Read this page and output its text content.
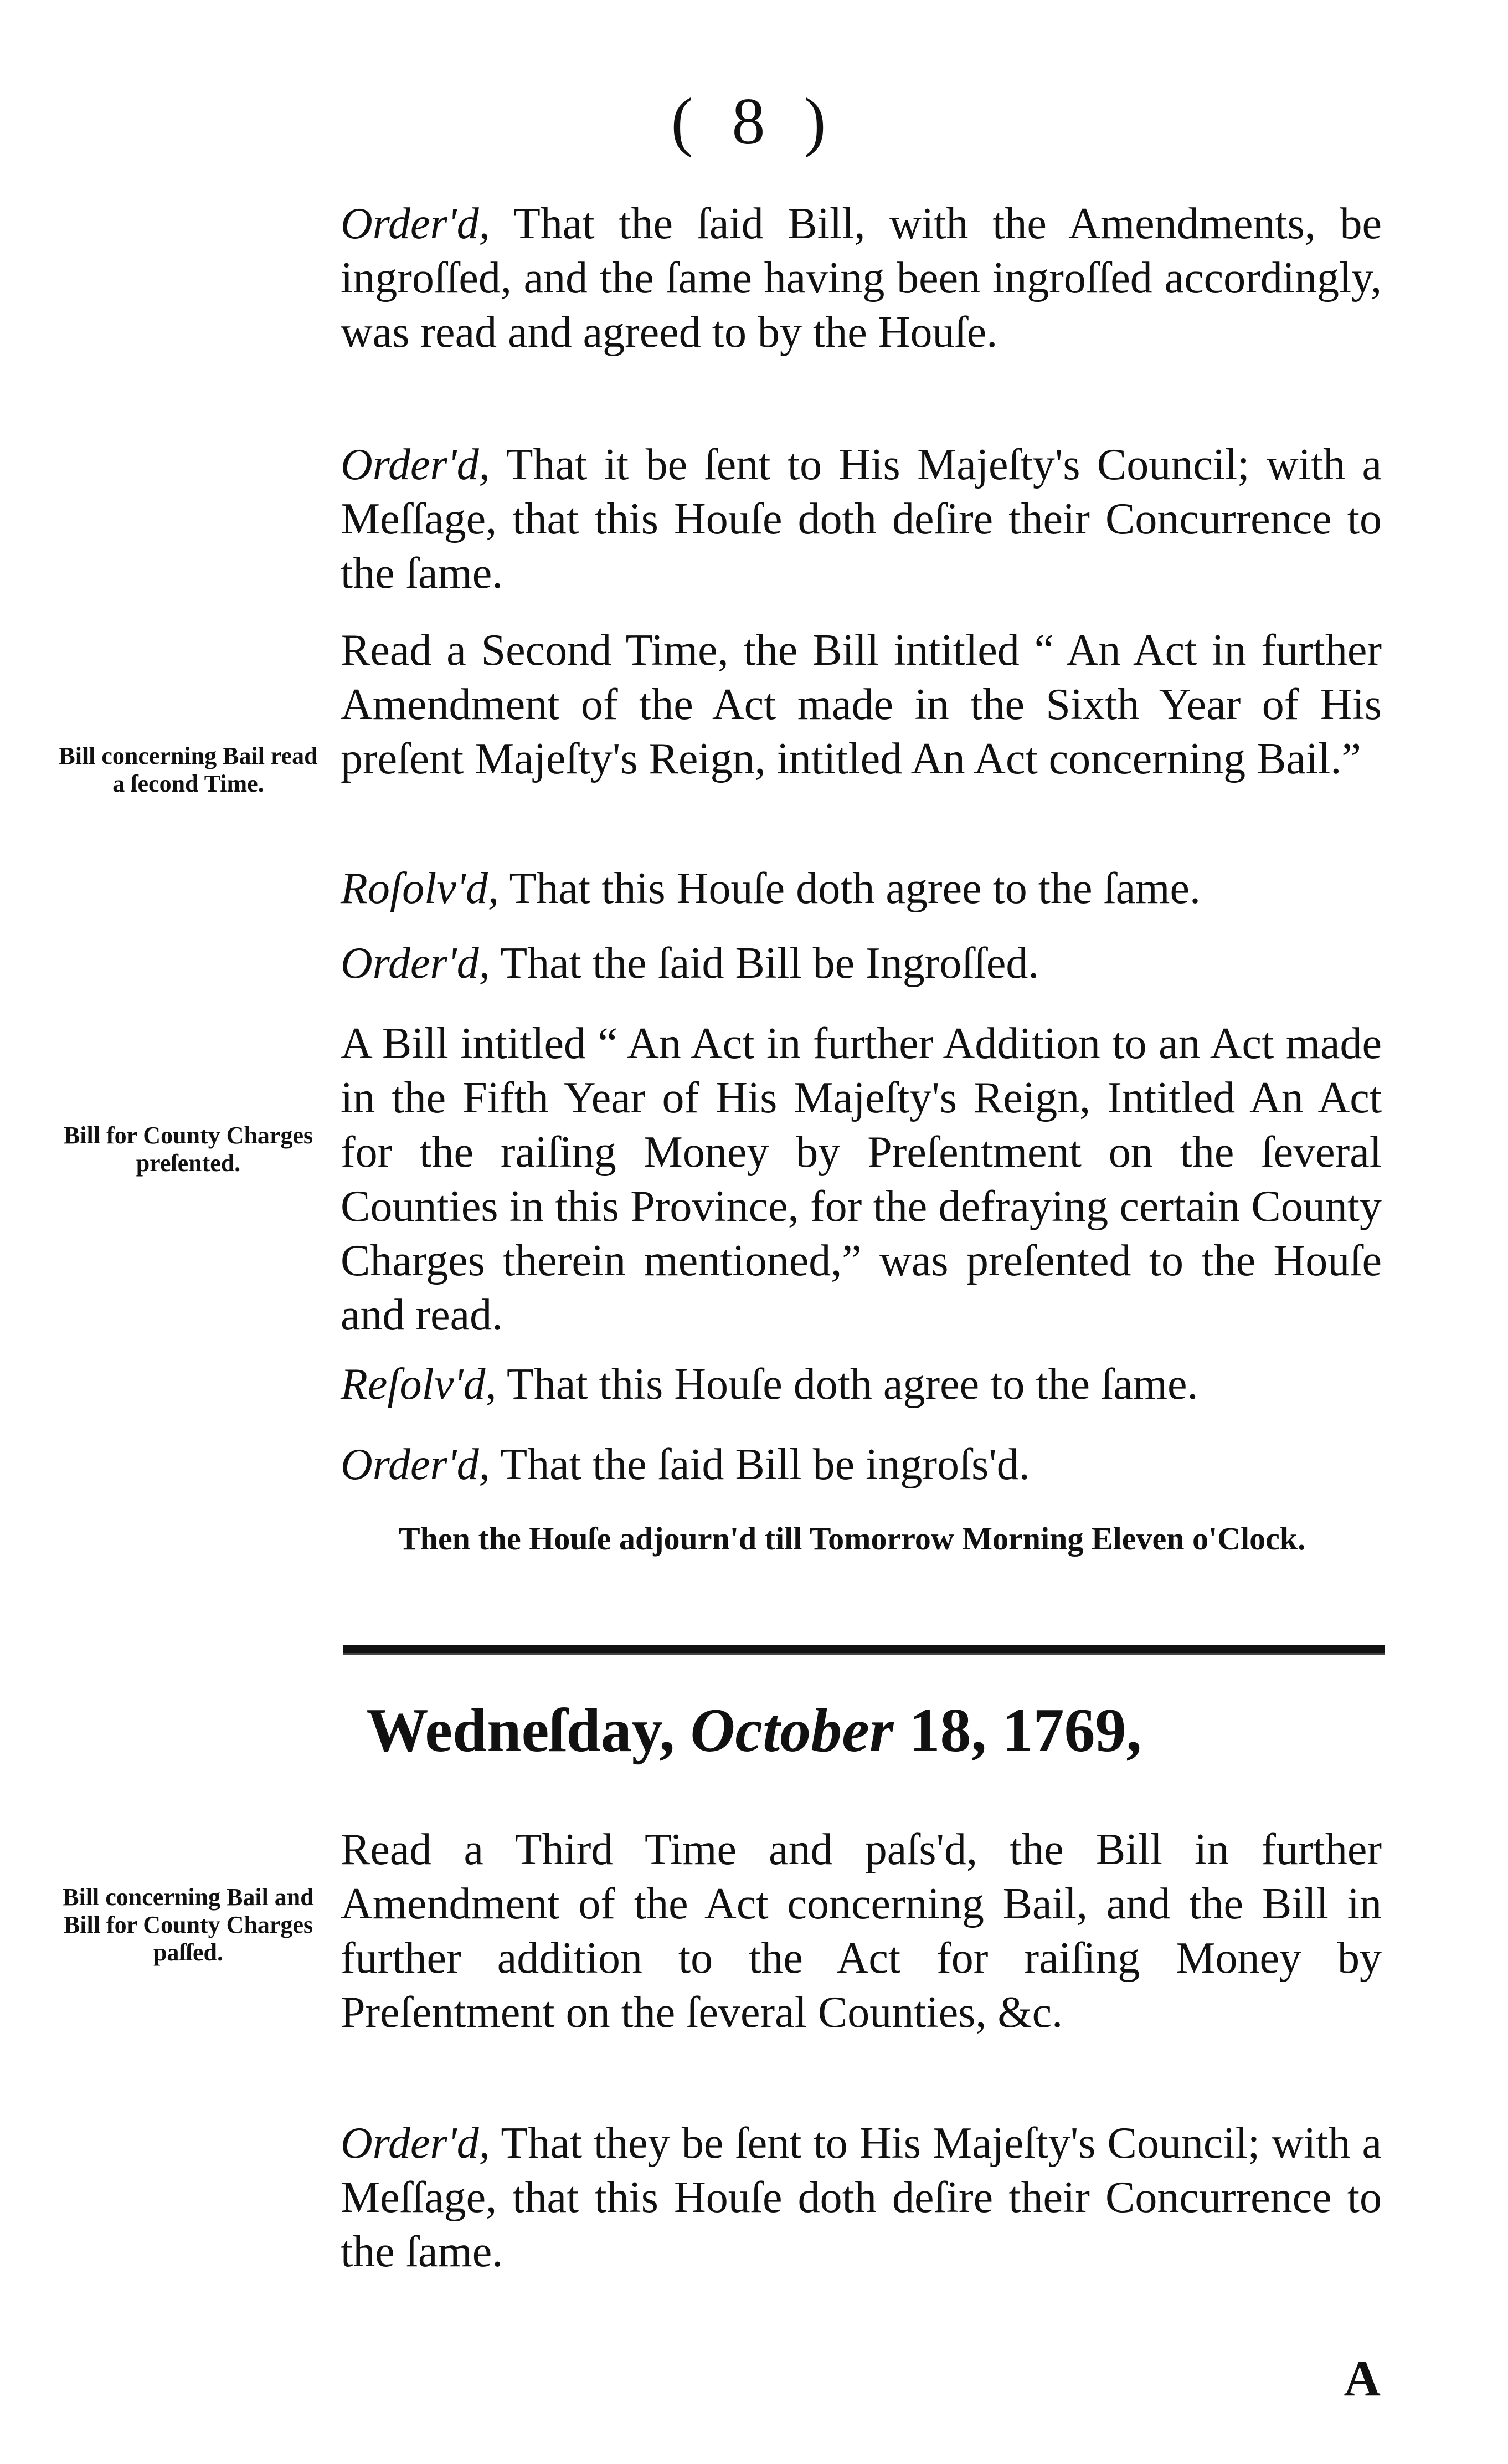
( 8 )

Order'd, That the ſaid Bill, with the Amendments, be ingroſſed, and the ſame having been ingroſſed accordingly, was read and agreed to by the Houſe.

Order'd, That it be ſent to His Majeſty's Council; with a Meſſage, that this Houſe doth deſire their Concurrence to the ſame.

Read a Second Time, the Bill intitled “ An Act in further Amendment of the Act made in the Sixth Year of His preſent Majeſty's Reign, intitled An Act concerning Bail.”

Bill concerning Bail read a ſecond Time.

Roſolv'd, That this Houſe doth agree to the ſame.

Order'd, That the ſaid Bill be Ingroſſed.

A Bill intitled “ An Act in further Addition to an Act made in the Fifth Year of His Majeſty's Reign, Intitled An Act for the raiſing Money by Preſentment on the ſeveral Counties in this Province, for the defraying certain County Charges therein mentioned,” was preſented to the Houſe and read.

Bill for County Charges preſented.

Reſolv'd, That this Houſe doth agree to the ſame.

Order'd, That the ſaid Bill be ingroſs'd.

Then the Houſe adjourn'd till Tomorrow Morning Eleven o'Clock.

Wedneſday, October 18, 1769,

Read a Third Time and paſs'd, the Bill in further Amendment of the Act concerning Bail, and the Bill in further addition to the Act for raiſing Money by Preſentment on the ſeveral Counties, &c.

Bill concerning Bail and Bill for County Charges paſſed.

Order'd, That they be ſent to His Majeſty's Council; with a Meſſage, that this Houſe doth deſire their Concurrence to the ſame.

A
